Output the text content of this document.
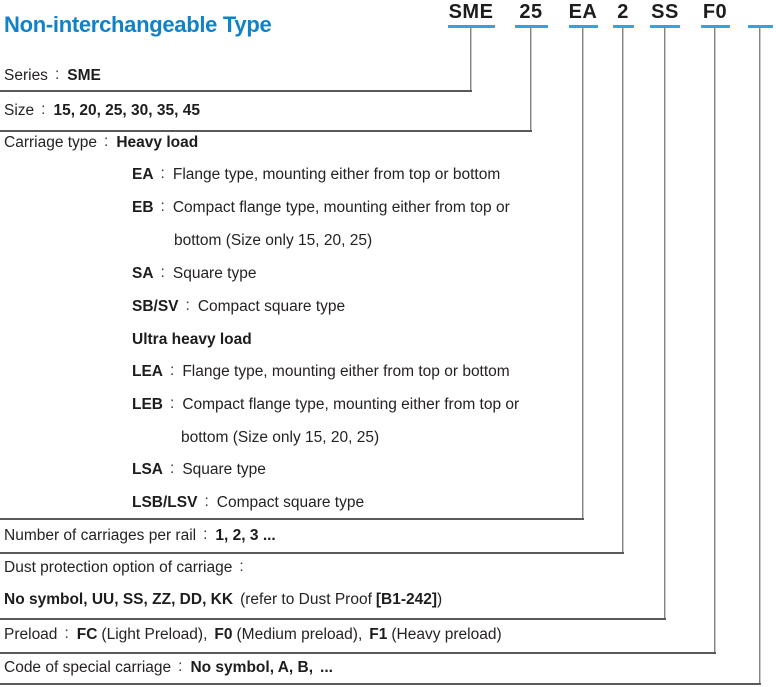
Non-interchangeable Type	SME	25	EA 2	SS	F0
Series : SME
Size : 15, 20, 25, 30, 35, 45
Carriage type : Heavy load
EA : Flange type, mounting either from top or bottom
EB : Compact flange type, mounting either from top or
bottom (Size only 15, 20, 25)
SA : Square type
SB/SV : Compact square type
Ultra heavy load
LEA : Flange type, mounting either from top or bottom
LEB : Compact flange type, mounting either from top or
bottom (Size only 15, 20, 25)
LSA : Square type
LSB/LSV : Compact square type
Number of carriages per rail : 1, 2, 3 ...
Dust protection option of carriage :
No symbol, UU, SS, ZZ, DD, KK (refer to Dust Proof [B1-242])
Preload : FC (Light Preload), F0 (Medium preload), F1 (Heavy preload)
Code of special carriage : No symbol, A, B, ...
